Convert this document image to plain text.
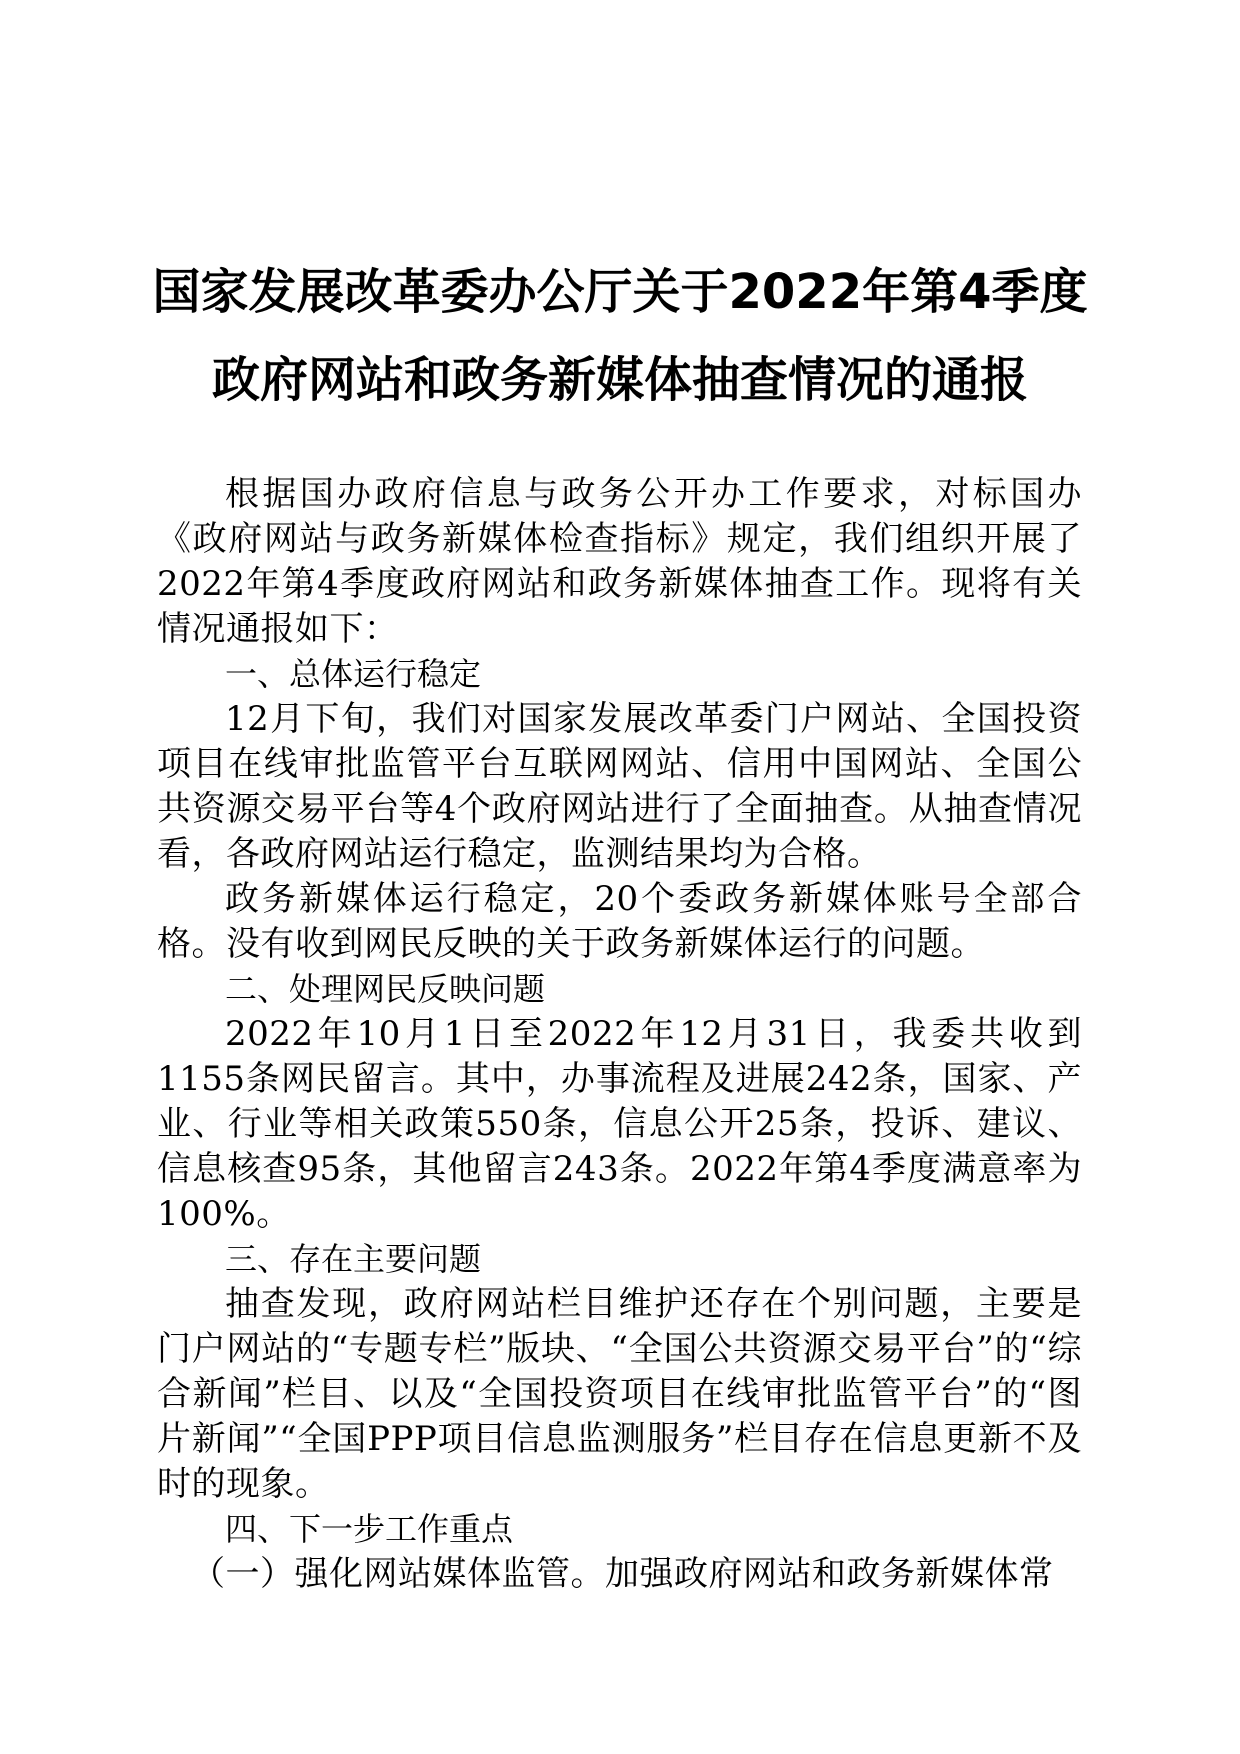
国家发展改革委办公厅关于2022年第4季度
政府网站和政务新媒体抽查情况的通报

根据国办政府信息与政务公开办工作要求，对标国办《政府网站与政务新媒体检查指标》规定，我们组织开展了2022年第4季度政府网站和政务新媒体抽查工作。现将有关情况通报如下：

一、总体运行稳定

12月下旬，我们对国家发展改革委门户网站、全国投资项目在线审批监管平台互联网网站、信用中国网站、全国公共资源交易平台等4个政府网站进行了全面抽查。从抽查情况看，各政府网站运行稳定，监测结果均为合格。

政务新媒体运行稳定，20个委政务新媒体账号全部合格。没有收到网民反映的关于政务新媒体运行的问题。

二、处理网民反映问题

2022年10月1日至2022年12月31日，我委共收到1155条网民留言。其中，办事流程及进展242条，国家、产业、行业等相关政策550条，信息公开25条，投诉、建议、信息核查95条，其他留言243条。2022年第4季度满意率为100%。

三、存在主要问题

抽查发现，政府网站栏目维护还存在个别问题，主要是门户网站的“专题专栏”版块、“全国公共资源交易平台”的“综合新闻”栏目、以及“全国投资项目在线审批监管平台”的“图片新闻”“全国PPP项目信息监测服务”栏目存在信息更新不及时的现象。

四、下一步工作重点

（一）强化网站媒体监管。加强政府网站和政务新媒体常
